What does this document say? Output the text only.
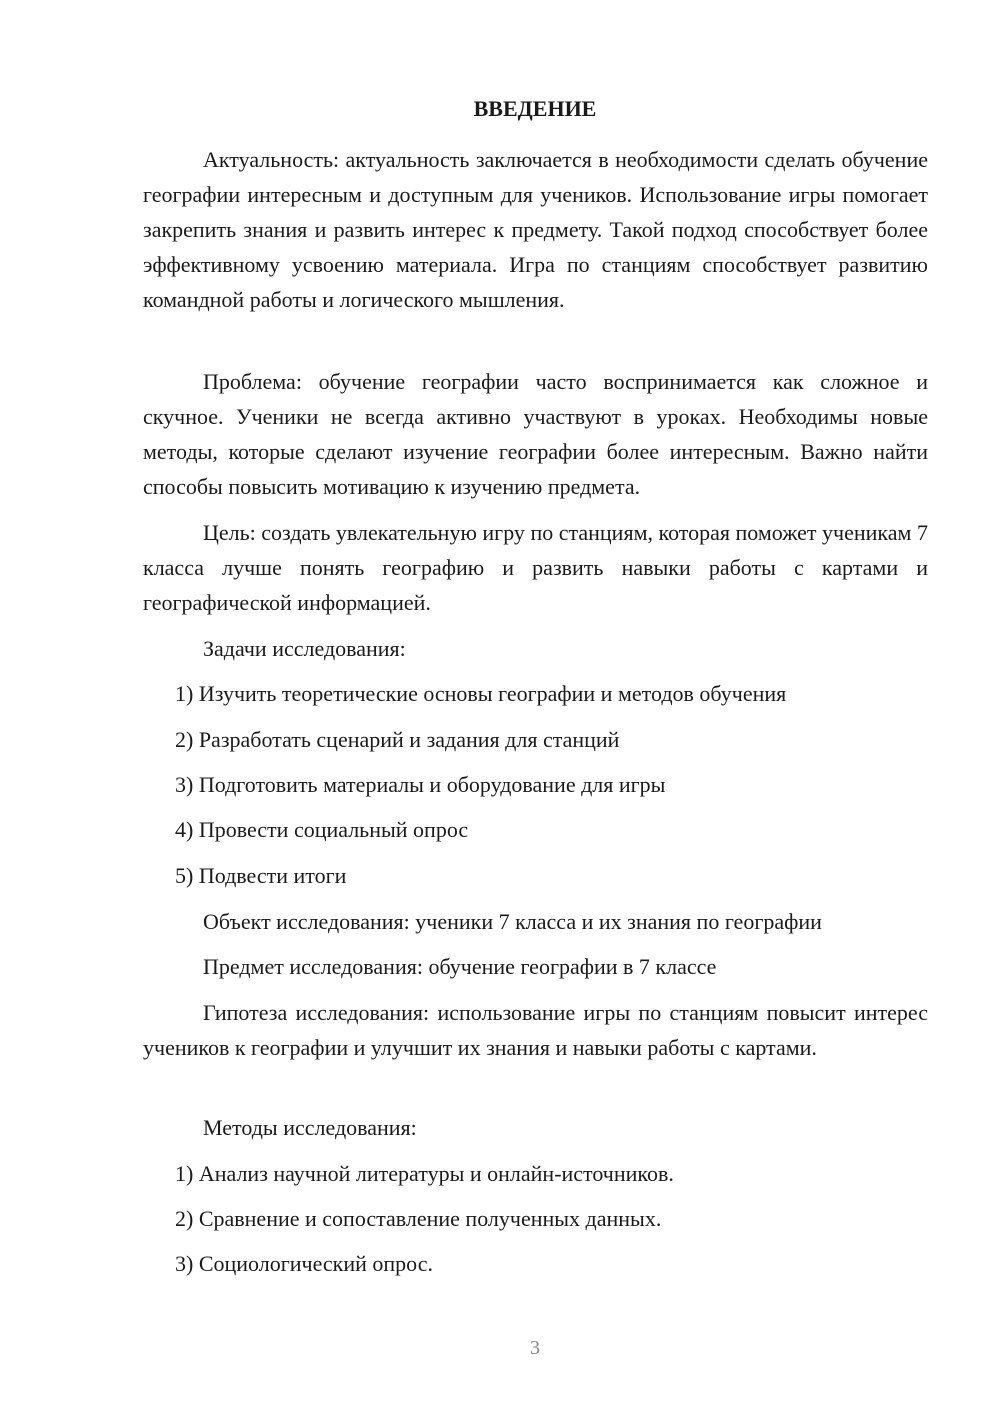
ВВЕДЕНИЕ

Актуальность: актуальность заключается в необходимости сделать обучение географии интересным и доступным для учеников. Использование игры помогает закрепить знания и развить интерес к предмету. Такой подход способствует более эффективному усвоению материала. Игра по станциям способствует развитию командной работы и логического мышления.

Проблема: обучение географии часто воспринимается как сложное и скучное. Ученики не всегда активно участвуют в уроках. Необходимы новые методы, которые сделают изучение географии более интересным. Важно найти способы повысить мотивацию к изучению предмета.

Цель: создать увлекательную игру по станциям, которая поможет ученикам 7 класса лучше понять географию и развить навыки работы с картами и географической информацией.

Задачи исследования:
1) Изучить теоретические основы географии и методов обучения
2) Разработать сценарий и задания для станций
3) Подготовить материалы и оборудование для игры
4) Провести социальный опрос
5) Подвести итоги
Объект исследования: ученики 7 класса и их знания по географии
Предмет исследования: обучение географии в 7 классе

Гипотеза исследования: использование игры по станциям повысит интерес учеников к географии и улучшит их знания и навыки работы с картами.

Методы исследования:
1) Анализ научной литературы и онлайн-источников.
2) Сравнение и сопоставление полученных данных.
3) Социологический опрос.
3
